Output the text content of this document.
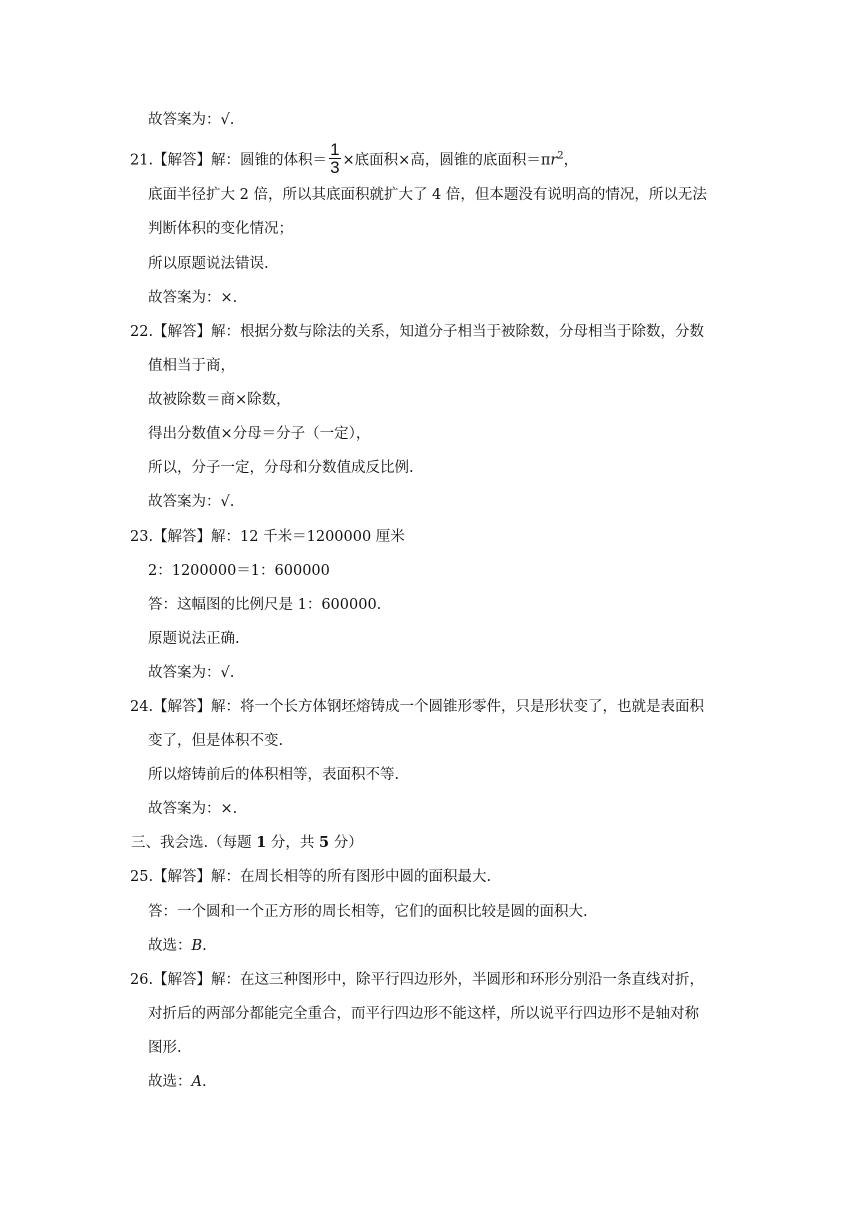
故答案为：√.
21.【解答】解：圆锥的体积＝ $\frac{1}{3}$ ×底面积×高，圆锥的底面积$=\pi r^2$，
底面半径扩大 2 倍，所以其底面积就扩大了 4 倍，但本题没有说明高的情况，所以无法
判断体积的变化情况；
所以原题说法错误.
故答案为：×.
22.【解答】解：根据分数与除法的关系，知道分子相当于被除数，分母相当于除数，分数
值相当于商，
故被除数＝商×除数，
得出分数值×分母＝分子（一定），
所以，分子一定，分母和分数值成反比例.
故答案为：√.
23.【解答】解：12 千米＝1200000 厘米
2：1200000＝1：600000
答：这幅图的比例尺是 1：600000.
原题说法正确.
故答案为：√.
24.【解答】解：将一个长方体钢坯熔铸成一个圆锥形零件，只是形状变了，也就是表面积
变了，但是体积不变.
所以熔铸前后的体积相等，表面积不等.
故答案为：×.
三、我会选.（每题 1 分，共 5 分）
25.【解答】解：在周长相等的所有图形中圆的面积最大.
答：一个圆和一个正方形的周长相等，它们的面积比较是圆的面积大.
故选：B.
26.【解答】解：在这三种图形中，除平行四边形外，半圆形和环形分别沿一条直线对折，
对折后的两部分都能完全重合，而平行四边形不能这样，所以说平行四边形不是轴对称
图形.
故选：A.
